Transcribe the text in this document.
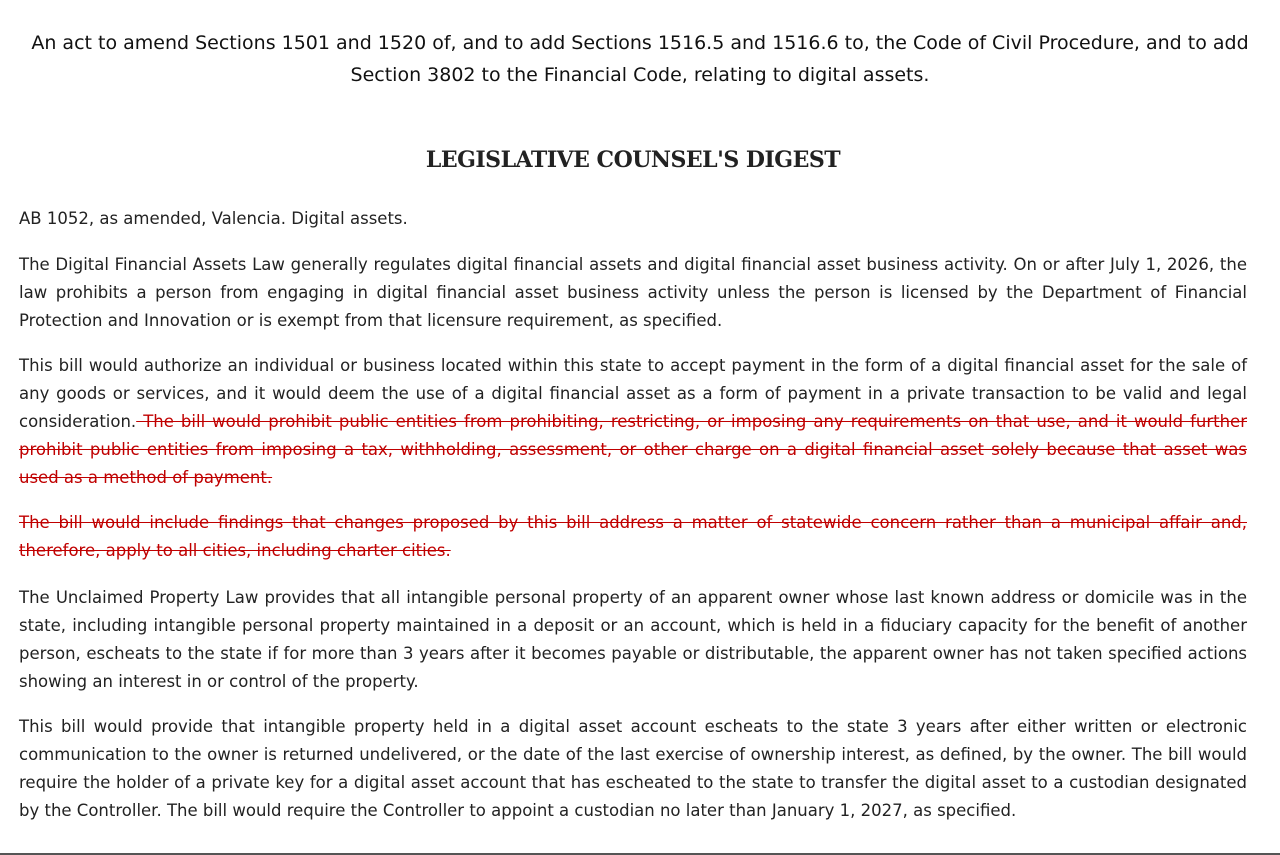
An act to amend Sections 1501 and 1520 of, and to add Sections 1516.5 and 1516.6 to, the Code of Civil Procedure, and to add Section 3802 to the Financial Code, relating to digital assets.

LEGISLATIVE COUNSEL'S DIGEST

AB 1052, as amended, Valencia. Digital assets.

The Digital Financial Assets Law generally regulates digital financial assets and digital financial asset business activity. On or after July 1, 2026, the law prohibits a person from engaging in digital financial asset business activity unless the person is licensed by the Department of Financial Protection and Innovation or is exempt from that licensure requirement, as specified.

This bill would authorize an individual or business located within this state to accept payment in the form of a digital financial asset for the sale of any goods or services, and it would deem the use of a digital financial asset as a form of payment in a private transaction to be valid and legal consideration. The bill would prohibit public entities from prohibiting, restricting, or imposing any requirements on that use, and it would further prohibit public entities from imposing a tax, withholding, assessment, or other charge on a digital financial asset solely because that asset was used as a method of payment.

The bill would include findings that changes proposed by this bill address a matter of statewide concern rather than a municipal affair and, therefore, apply to all cities, including charter cities.

The Unclaimed Property Law provides that all intangible personal property of an apparent owner whose last known address or domicile was in the state, including intangible personal property maintained in a deposit or an account, which is held in a fiduciary capacity for the benefit of another person, escheats to the state if for more than 3 years after it becomes payable or distributable, the apparent owner has not taken specified actions showing an interest in or control of the property.

This bill would provide that intangible property held in a digital asset account escheats to the state 3 years after either written or electronic communication to the owner is returned undelivered, or the date of the last exercise of ownership interest, as defined, by the owner. The bill would require the holder of a private key for a digital asset account that has escheated to the state to transfer the digital asset to a custodian designated by the Controller. The bill would require the Controller to appoint a custodian no later than January 1, 2027, as specified.
